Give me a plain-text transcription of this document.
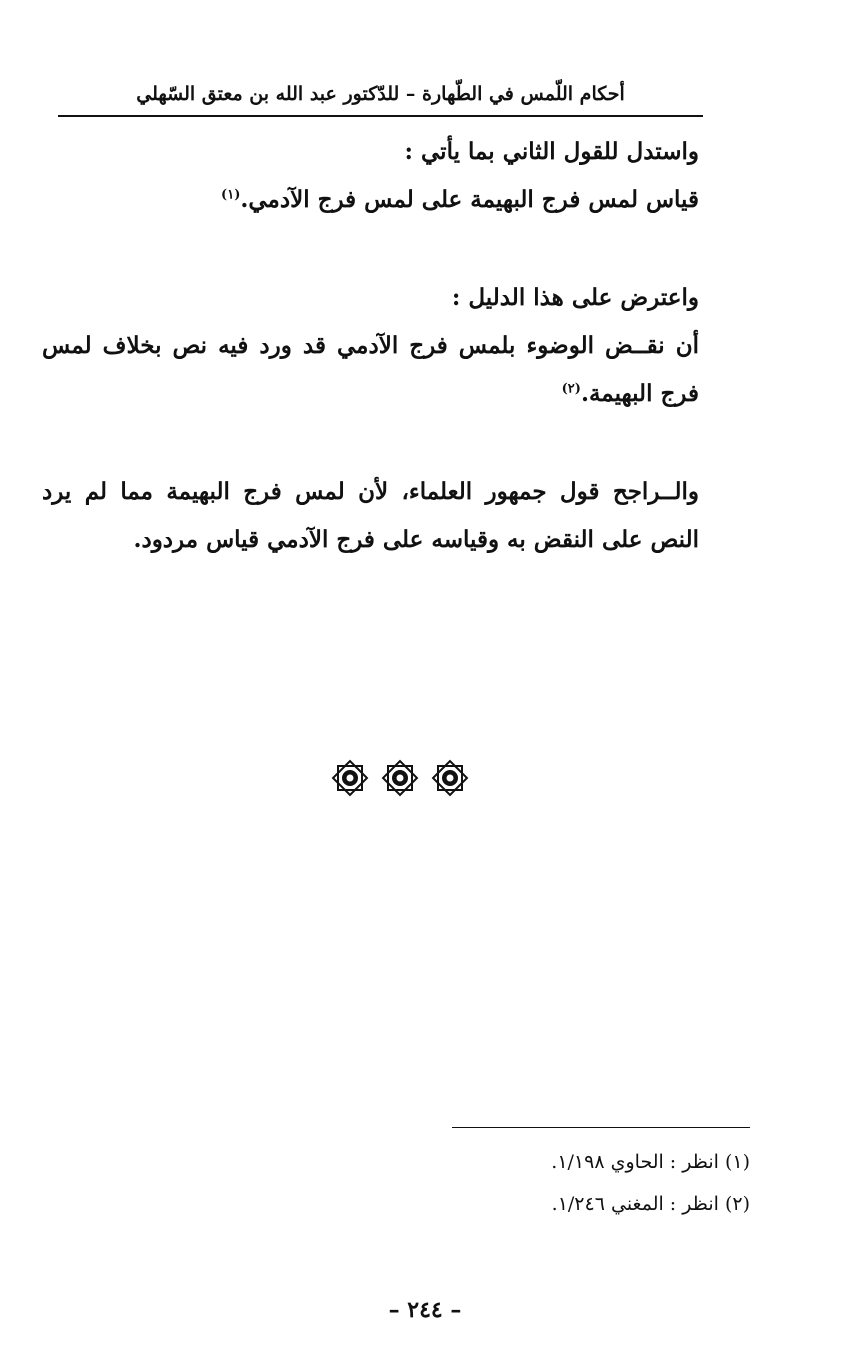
أحكام اللّمس في الطّهارة – للدّكتور عبد الله بن معتق السّهلي
واستدل للقول الثاني بما يأتي :
قياس لمس فرج البهيمة على لمس فرج الآدمي.$^{(١)}$
واعترض على هذا الدليل :
أن نقــض الوضوء بلمس فرج الآدمي قد ورد فيه نص بخلاف لمس فرج البهيمة.$^{(٢)}$
والــراجح قول جمهور العلماء، لأن لمس فرج البهيمة مما لم يرد النص على النقض به وقياسه على فرج الآدمي قياس مردود.
(١) انظر : الحاوي ١/١٩٨.
(٢) انظر : المغني ١/٢٤٦.
– ٢٤٤ –
